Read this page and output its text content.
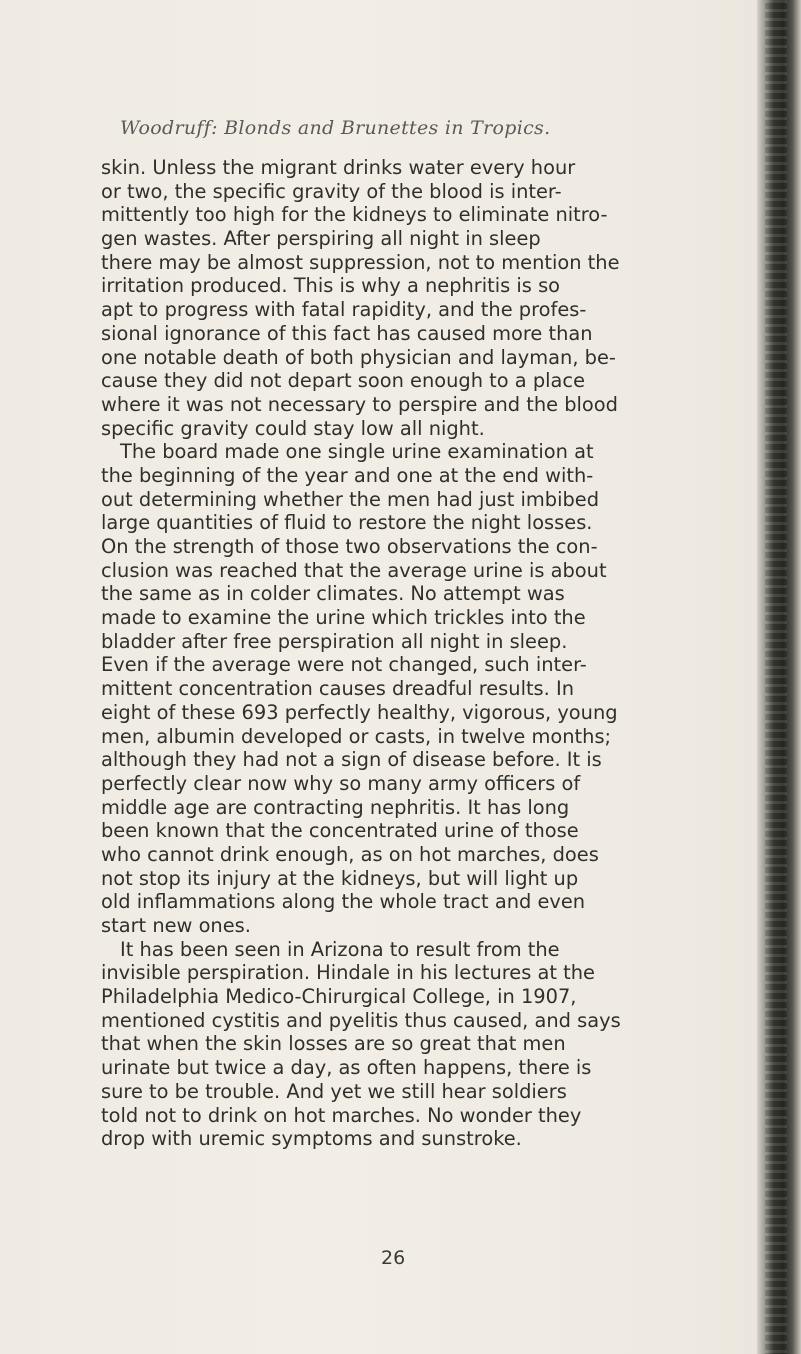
Woodruff: Blonds and Brunettes in Tropics.
skin. Unless the migrant drinks water every hour
or two, the specific gravity of the blood is inter-
mittently too high for the kidneys to eliminate nitro-
gen wastes. After perspiring all night in sleep
there may be almost suppression, not to mention the
irritation produced. This is why a nephritis is so
apt to progress with fatal rapidity, and the profes-
sional ignorance of this fact has caused more than
one notable death of both physician and layman, be-
cause they did not depart soon enough to a place
where it was not necessary to perspire and the blood
specific gravity could stay low all night.
The board made one single urine examination at
the beginning of the year and one at the end with-
out determining whether the men had just imbibed
large quantities of fluid to restore the night losses.
On the strength of those two observations the con-
clusion was reached that the average urine is about
the same as in colder climates. No attempt was
made to examine the urine which trickles into the
bladder after free perspiration all night in sleep.
Even if the average were not changed, such inter-
mittent concentration causes dreadful results. In
eight of these 693 perfectly healthy, vigorous, young
men, albumin developed or casts, in twelve months;
although they had not a sign of disease before. It is
perfectly clear now why so many army officers of
middle age are contracting nephritis. It has long
been known that the concentrated urine of those
who cannot drink enough, as on hot marches, does
not stop its injury at the kidneys, but will light up
old inflammations along the whole tract and even
start new ones.
It has been seen in Arizona to result from the
invisible perspiration. Hindale in his lectures at the
Philadelphia Medico-Chirurgical College, in 1907,
mentioned cystitis and pyelitis thus caused, and says
that when the skin losses are so great that men
urinate but twice a day, as often happens, there is
sure to be trouble. And yet we still hear soldiers
told not to drink on hot marches. No wonder they
drop with uremic symptoms and sunstroke.
26
